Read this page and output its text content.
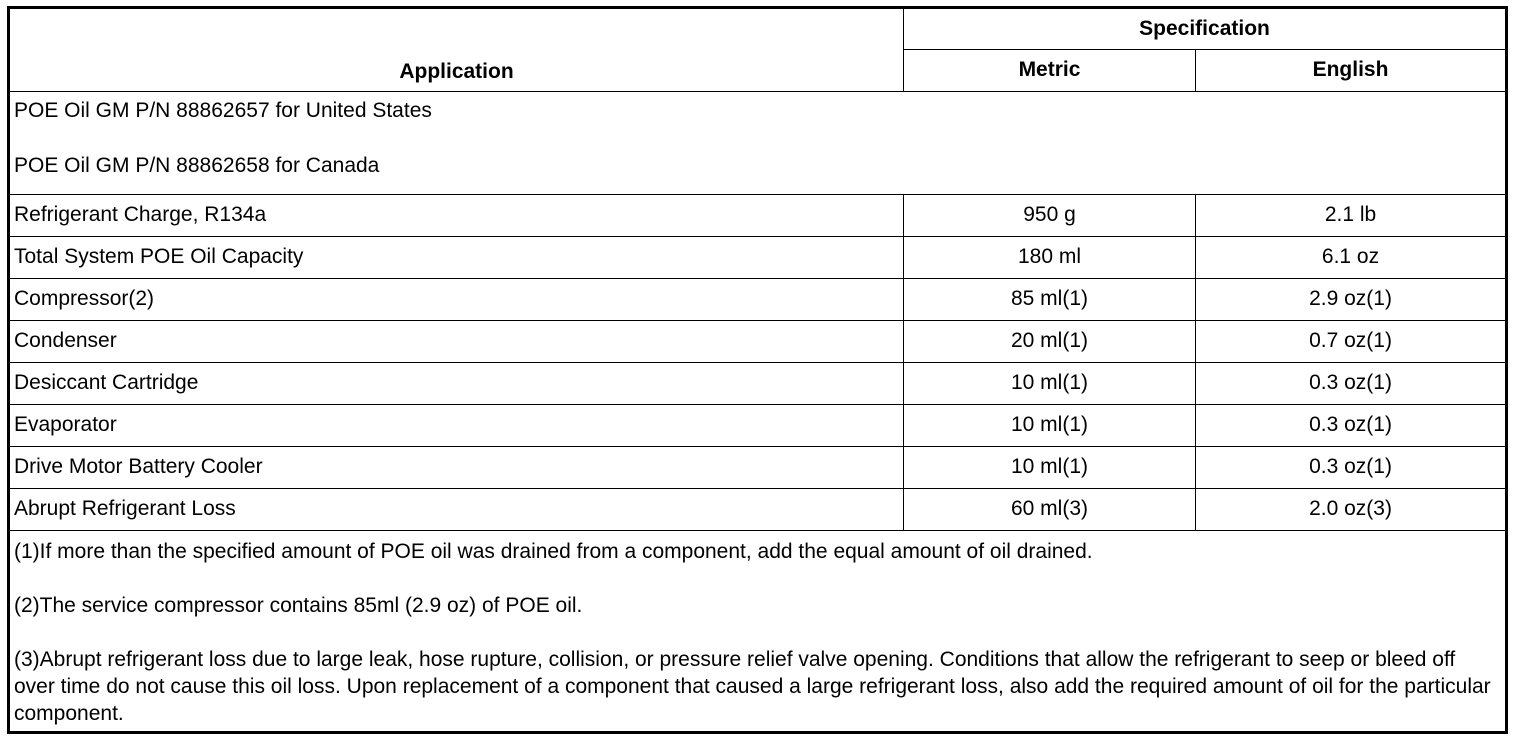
Application	Specification	
	Metric	English

POE Oil GM P/N 88862657 for United States

POE Oil GM P/N 88862658 for Canada		

Refrigerant Charge, R134a	950 g	2.1 lb
Total System POE Oil Capacity	180 ml	6.1 oz
Compressor(2)	85 ml(1)	2.9 oz(1)
Condenser	20 ml(1)	0.7 oz(1)
Desiccant Cartridge	10 ml(1)	0.3 oz(1)
Evaporator	10 ml(1)	0.3 oz(1)
Drive Motor Battery Cooler	10 ml(1)	0.3 oz(1)
Abrupt Refrigerant Loss	60 ml(3)	2.0 oz(3)

(1)If more than the specified amount of POE oil was drained from a component, add the equal amount of oil drained.

(2)The service compressor contains 85ml (2.9 oz) of POE oil.

(3)Abrupt refrigerant loss due to large leak, hose rupture, collision, or pressure relief valve opening. Conditions that allow the refrigerant to seep or bleed off over time do not cause this oil loss. Upon replacement of a component that caused a large refrigerant loss, also add the required amount of oil for the particular component.		
